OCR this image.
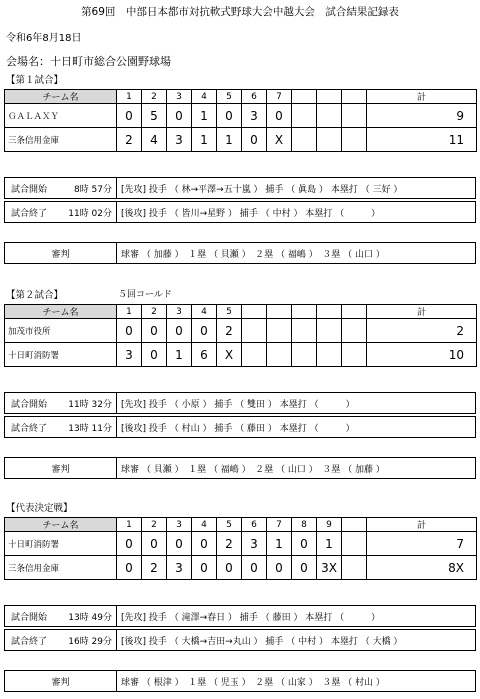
第69回　中部日本都市対抗軟式野球大会中越大会　試合結果記録表
令和6年8月18日
会場名：十日町市総合公園野球場
【第１試合】
チーム名	1	2	3	4	5	6	7				計
ＧＡＬＡＸＹ	0	5	0	1	0	3	0				9
三条信用金庫	2	4	3	1	1	0	X				11
試合開始	8時 57分	[先攻] 投手 （ 林→平澤→五十嵐 ） 捕手 （ 眞島 ） 本塁打 （ 三好 ）
試合終了	11時 02分	[後攻] 投手 （ 皆川→星野 ） 捕手 （ 中村 ） 本塁打 （　　　）
審判	球審 （ 加藤 ）　１塁 （ 貝瀬 ）　２塁 （ 福嶋 ）　３塁 （ 山口 ）
【第２試合】	５回コールド
チーム名	1	2	3	4	5						計
加茂市役所	0	0	0	0	2						2
十日町消防署	3	0	1	6	X						10
試合開始	11時 32分	[先攻] 投手 （ 小原 ） 捕手 （ 雙田 ） 本塁打 （　　　）
試合終了	13時 11分	[後攻] 投手 （ 村山 ） 捕手 （ 藤田 ） 本塁打 （　　　）
審判	球審 （ 貝瀬 ）　１塁 （ 福嶋 ）　２塁 （ 山口 ）　３塁 （ 加藤 ）
【代表決定戦】
チーム名	1	2	3	4	5	6	7	8	9		計
十日町消防署	0	0	0	0	2	3	1	0	1		7
三条信用金庫	0	2	3	0	0	0	0	0	3X		8X
試合開始	13時 49分	[先攻] 投手 （ 滝澤→春日 ） 捕手 （ 藤田 ） 本塁打 （　　　）
試合終了	16時 29分	[後攻] 投手 （ 大橋→吉田→丸山 ） 捕手 （ 中村 ） 本塁打 （ 大橋 ）
審判	球審 （ 根津 ）　１塁 （ 児玉 ）　２塁 （ 山家 ）　３塁 （ 村山 ）
